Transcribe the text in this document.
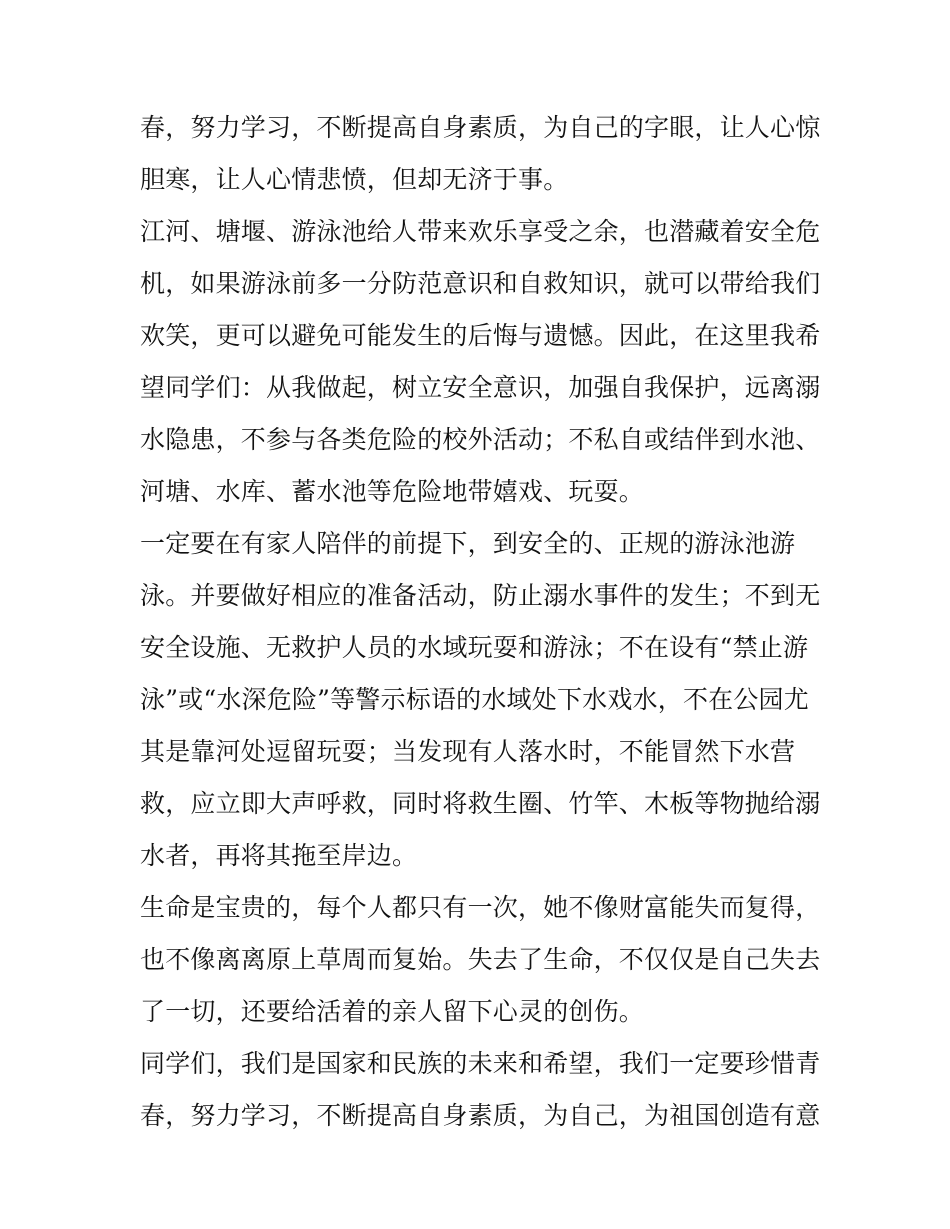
春，努力学习，不断提高自身素质，为自己的字眼，让人心惊
胆寒，让人心情悲愤，但却无济于事。

江河、塘堰、游泳池给人带来欢乐享受之余，也潜藏着安全危
机，如果游泳前多一分防范意识和自救知识，就可以带给我们
欢笑，更可以避免可能发生的后悔与遗憾。因此，在这里我希
望同学们：从我做起，树立安全意识，加强自我保护，远离溺
水隐患，不参与各类危险的校外活动；不私自或结伴到水池、
河塘、水库、蓄水池等危险地带嬉戏、玩耍。

一定要在有家人陪伴的前提下，到安全的、正规的游泳池游
泳。并要做好相应的准备活动，防止溺水事件的发生；不到无
安全设施、无救护人员的水域玩耍和游泳；不在设有“禁止游
泳”或“水深危险”等警示标语的水域处下水戏水，不在公园尤
其是靠河处逗留玩耍；当发现有人落水时，不能冒然下水营
救，应立即大声呼救，同时将救生圈、竹竿、木板等物抛给溺
水者，再将其拖至岸边。

生命是宝贵的，每个人都只有一次，她不像财富能失而复得，
也不像离离原上草周而复始。失去了生命，不仅仅是自己失去
了一切，还要给活着的亲人留下心灵的创伤。

同学们，我们是国家和民族的未来和希望，我们一定要珍惜青
春，努力学习，不断提高自身素质，为自己，为祖国创造有意
